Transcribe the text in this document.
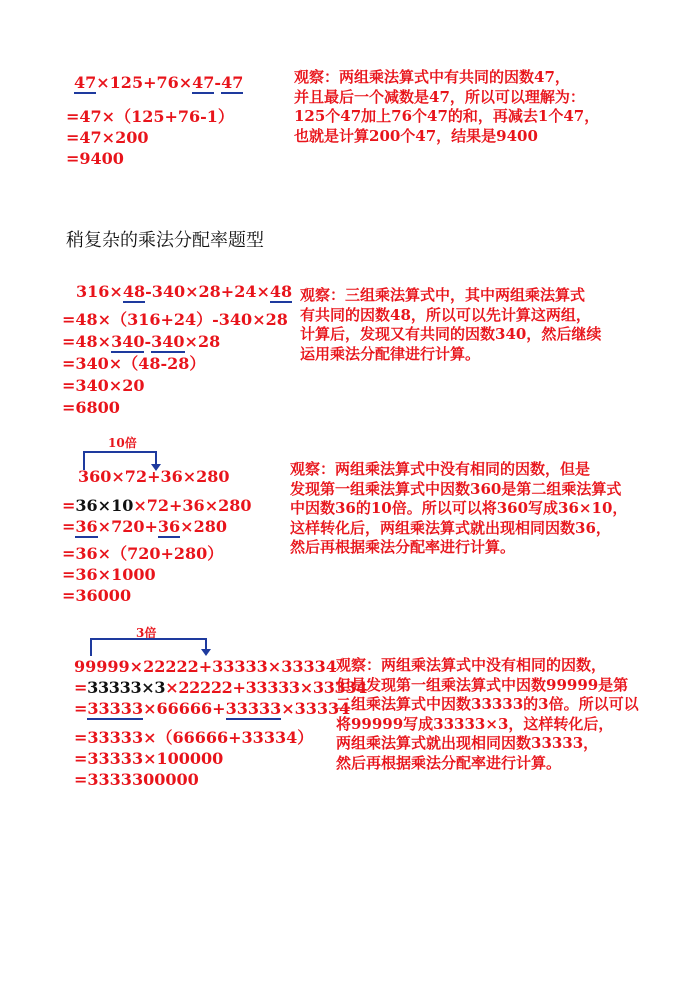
47×125+76×47-47
=47×（125+76-1）
=47×200
=9400
观察：两组乘法算式中有共同的因数47，
并且最后一个减数是47，所以可以理解为：
125个47加上76个47的和，再减去1个47，
也就是计算200个47，结果是9400
稍复杂的乘法分配率题型
316×48-340×28+24×48
=48×（316+24）-340×28
=48×340-340×28
=340×（48-28）
=340×20
=6800
观察：三组乘法算式中，其中两组乘法算式
有共同的因数48，所以可以先计算这两组，
计算后，发现又有共同的因数340，然后继续
运用乘法分配律进行计算。
10倍
360×72+36×280
=36×10×72+36×280
=36×720+36×280
=36×（720+280）
=36×1000
=36000
观察：两组乘法算式中没有相同的因数，但是
发现第一组乘法算式中因数360是第二组乘法算式
中因数36的10倍。所以可以将360写成36×10，
这样转化后，两组乘法算式就出现相同因数36，
然后再根据乘法分配率进行计算。
3倍
99999×22222+33333×33334
=33333×3×22222+33333×33334
=33333×66666+33333×33334
=33333×（66666+33334）
=33333×100000
=3333300000
观察：两组乘法算式中没有相同的因数，
但是发现第一组乘法算式中因数99999是第
二组乘法算式中因数33333的3倍。所以可以
将99999写成33333×3，这样转化后，
两组乘法算式就出现相同因数33333，
然后再根据乘法分配率进行计算。
